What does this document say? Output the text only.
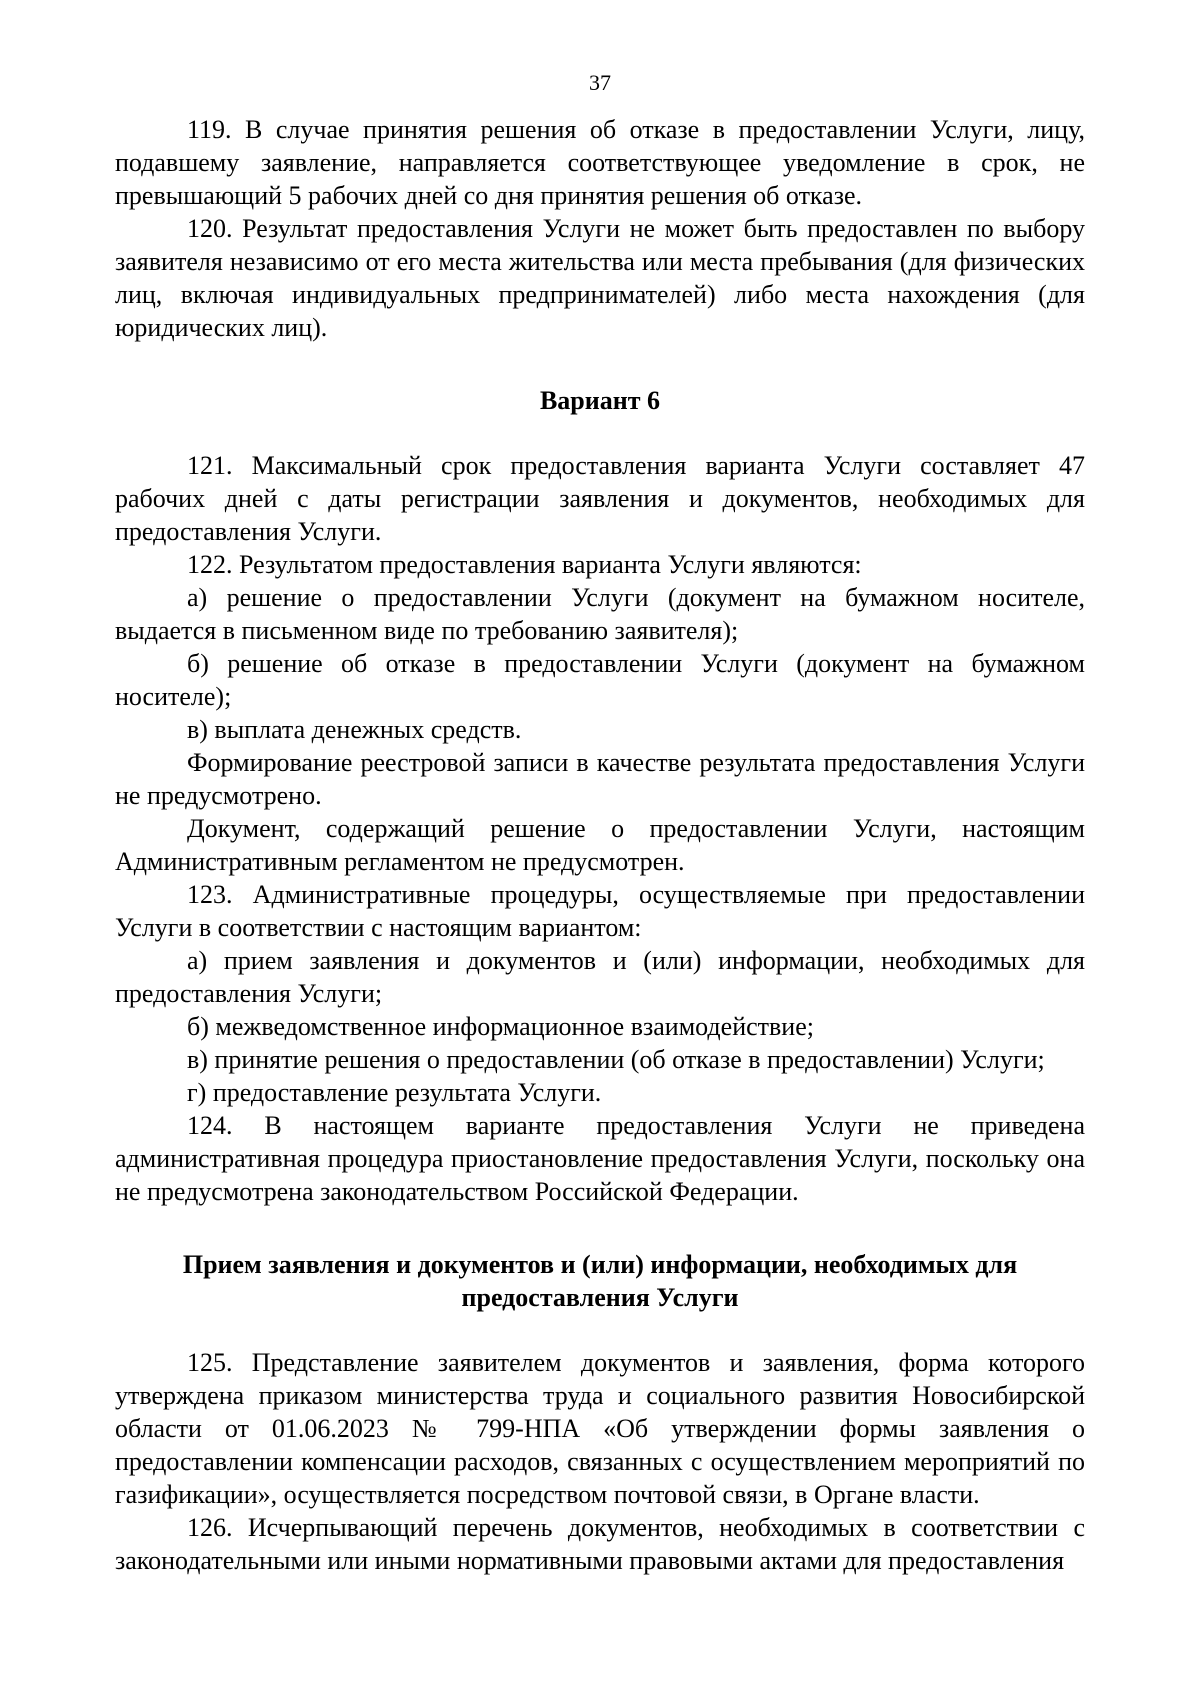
37

119. В случае принятия решения об отказе в предоставлении Услуги, лицу, подавшему заявление, направляется соответствующее уведомление в срок, не превышающий 5 рабочих дней со дня принятия решения об отказе.

120. Результат предоставления Услуги не может быть предоставлен по выбору заявителя независимо от его места жительства или места пребывания (для физических лиц, включая индивидуальных предпринимателей) либо места нахождения (для юридических лиц).

Вариант 6

121. Максимальный срок предоставления варианта Услуги составляет 47 рабочих дней с даты регистрации заявления и документов, необходимых для предоставления Услуги.

122. Результатом предоставления варианта Услуги являются:

а) решение о предоставлении Услуги (документ на бумажном носителе, выдается в письменном виде по требованию заявителя);

б) решение об отказе в предоставлении Услуги (документ на бумажном носителе);

в) выплата денежных средств.

Формирование реестровой записи в качестве результата предоставления Услуги не предусмотрено.

Документ, содержащий решение о предоставлении Услуги, настоящим Административным регламентом не предусмотрен.

123. Административные процедуры, осуществляемые при предоставлении Услуги в соответствии с настоящим вариантом:

а) прием заявления и документов и (или) информации, необходимых для предоставления Услуги;

б) межведомственное информационное взаимодействие;

в) принятие решения о предоставлении (об отказе в предоставлении) Услуги;

г) предоставление результата Услуги.

124. В настоящем варианте предоставления Услуги не приведена административная процедура приостановление предоставления Услуги, поскольку она не предусмотрена законодательством Российской Федерации.

Прием заявления и документов и (или) информации, необходимых для предоставления Услуги

125. Представление заявителем документов и заявления, форма которого утверждена приказом министерства труда и социального развития Новосибирской области от 01.06.2023 № 799-НПА «Об утверждении формы заявления о предоставлении компенсации расходов, связанных с осуществлением мероприятий по газификации», осуществляется посредством почтовой связи, в Органе власти.

126. Исчерпывающий перечень документов, необходимых в соответствии с законодательными или иными нормативными правовыми актами для предоставления
